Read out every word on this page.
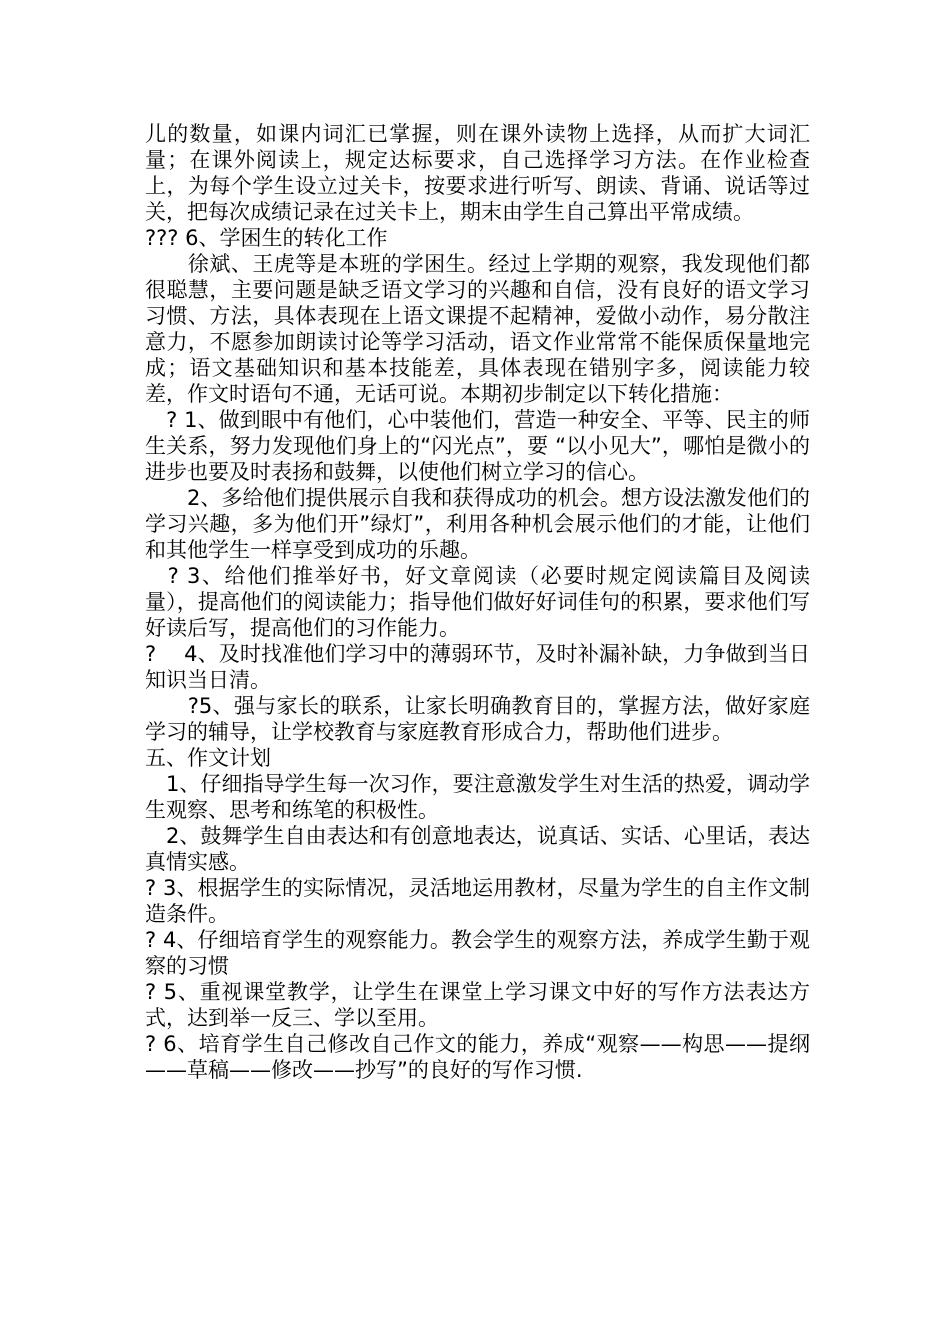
儿的数量，如课内词汇已掌握，则在课外读物上选择，从而扩大词汇量；在课外阅读上，规定达标要求，自己选择学习方法。在作业检查上，为每个学生设立过关卡，按要求进行听写、朗读、背诵、说话等过关，把每次成绩记录在过关卡上，期末由学生自己算出平常成绩。

??? 6、学困生的转化工作

　　徐斌、王虎等是本班的学困生。经过上学期的观察，我发现他们都很聪慧，主要问题是缺乏语文学习的兴趣和自信，没有良好的语文学习习惯、方法，具体表现在上语文课提不起精神，爱做小动作，易分散注意力，不愿参加朗读讨论等学习活动，语文作业常常不能保质保量地完成；语文基础知识和基本技能差，具体表现在错别字多，阅读能力较差，作文时语句不通，无话可说。本期初步制定以下转化措施：

　? 1、做到眼中有他们，心中装他们，营造一种安全、平等、民主的师生关系，努力发现他们身上的“闪光点”，要 “以小见大”，哪怕是微小的进步也要及时表扬和鼓舞，以使他们树立学习的信心。

　　2、多给他们提供展示自我和获得成功的机会。想方设法激发他们的学习兴趣，多为他们开”绿灯”，利用各种机会展示他们的才能，让他们和其他学生一样享受到成功的乐趣。

　? 3、给他们推举好书，好文章阅读（必要时规定阅读篇目及阅读量），提高他们的阅读能力；指导他们做好好词佳句的积累，要求他们写好读后写，提高他们的习作能力。

?　 4、及时找准他们学习中的薄弱环节，及时补漏补缺，力争做到当日知识当日清。

　　?5、强与家长的联系，让家长明确教育目的，掌握方法，做好家庭学习的辅导，让学校教育与家庭教育形成合力，帮助他们进步。

五、作文计划

　1、仔细指导学生每一次习作，要注意激发学生对生活的热爱，调动学生观察、思考和练笔的积极性。

　2、鼓舞学生自由表达和有创意地表达，说真话、实话、心里话，表达真情实感。

? 3、根据学生的实际情况，灵活地运用教材，尽量为学生的自主作文制造条件。

? 4、仔细培育学生的观察能力。教会学生的观察方法，养成学生勤于观察的习惯

? 5、重视课堂教学，让学生在课堂上学习课文中好的写作方法表达方式，达到举一反三、学以至用。

? 6、培育学生自己修改自己作文的能力，养成“观察——构思——提纲——草稿——修改——抄写”的良好的写作习惯.
